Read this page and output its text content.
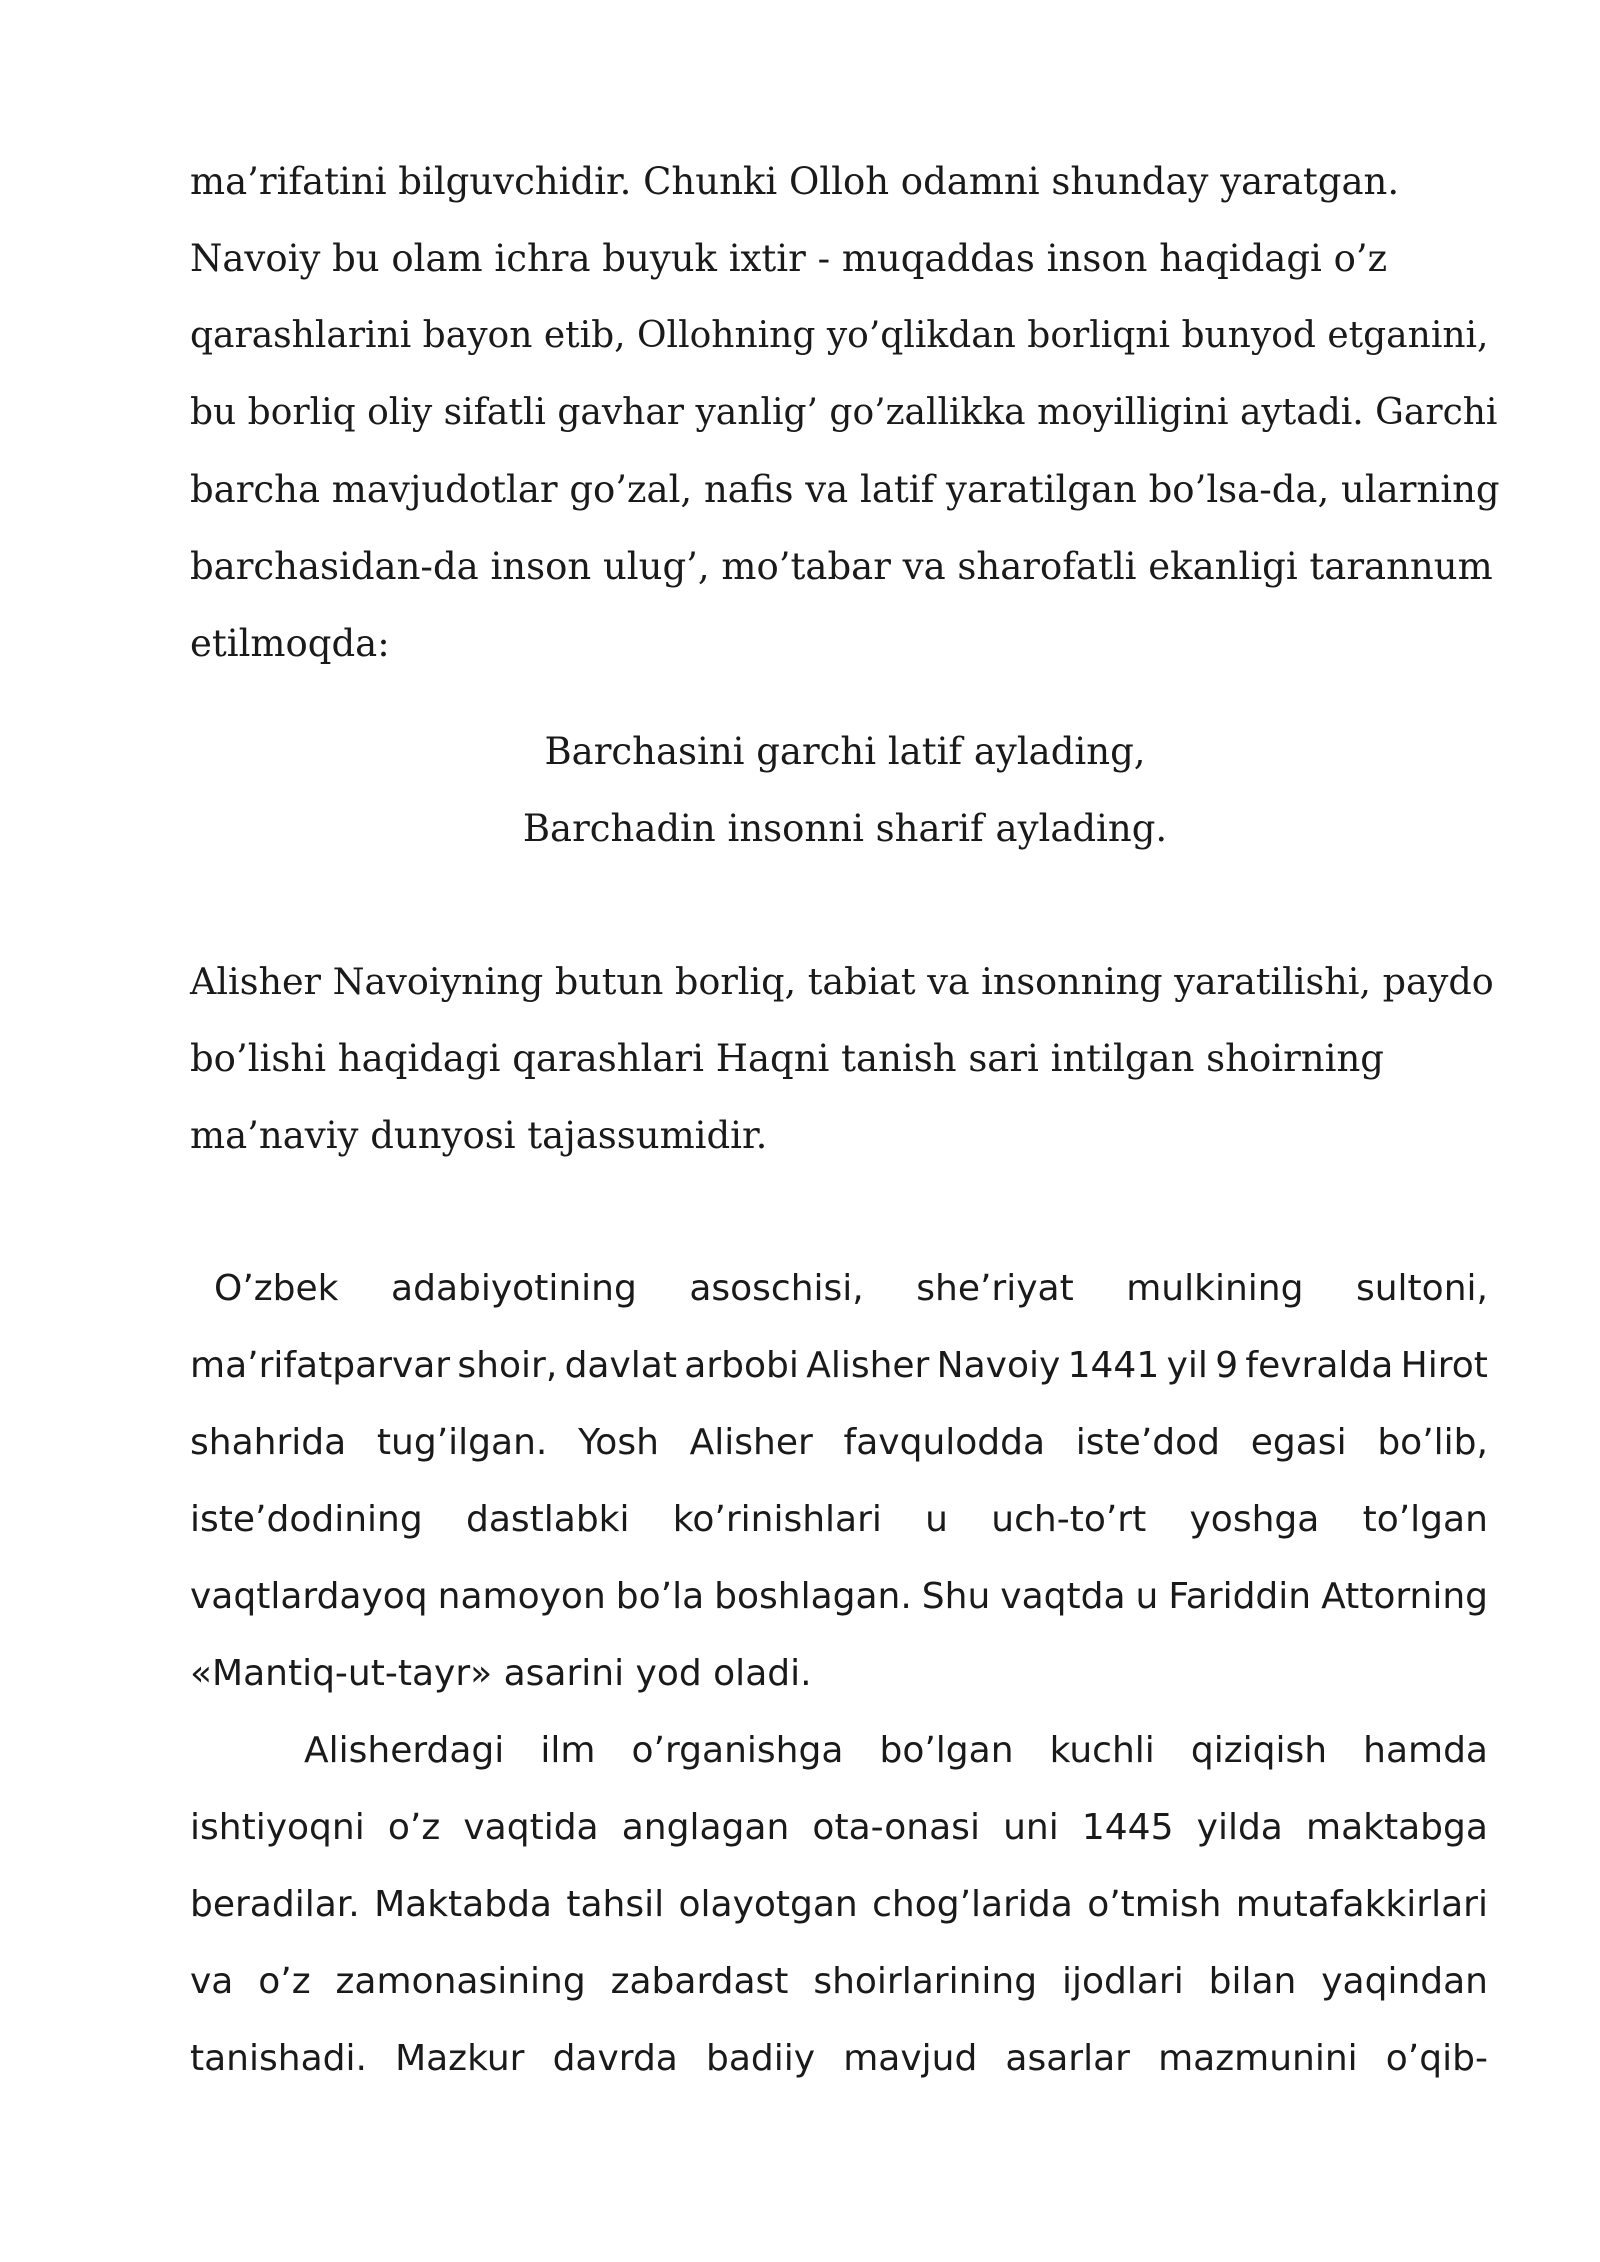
ma’rifatini bilguvchidir. Chunki Olloh odamni shunday yaratgan.
Navoiy bu olam ichra buyuk ixtir - muqaddas inson haqidagi o’z
qarashlarini bayon etib, Ollohning yo’qlikdan borliqni bunyod etganini,
bu borliq oliy sifatli gavhar yanlig’ go’zallikka moyilligini aytadi. Garchi
barcha mavjudotlar go’zal, nafis va latif yaratilgan bo’lsa-da, ularning
barchasidan-da inson ulug’, mo’tabar va sharofatli ekanligi tarannum
etilmoqda:
Barchasini garchi latif aylading,
Barchadin insonni sharif aylading.
Alisher Navoiyning butun borliq, tabiat va insonning yaratilishi, paydo
bo’lishi haqidagi qarashlari Haqni tanish sari intilgan shoirning
ma’naviy dunyosi tajassumidir.
O’zbek adabiyotining asoschisi, she’riyat mulkining sultoni,
ma’rifatparvar shoir, davlat arbobi Alisher Navoiy 1441 yil 9 fevralda Hirot
shahrida tug’ilgan. Yosh Alisher favqulodda iste’dod egasi bo’lib,
iste’dodining dastlabki ko’rinishlari u uch-to’rt yoshga to’lgan
vaqtlardayoq namoyon bo’la boshlagan. Shu vaqtda u Fariddin Attorning
«Mantiq-ut-tayr» asarini yod oladi.
Alisherdagi ilm o’rganishga bo’lgan kuchli qiziqish hamda
ishtiyoqni o’z vaqtida anglagan ota-onasi uni 1445 yilda maktabga
beradilar. Maktabda tahsil olayotgan chog’larida o’tmish mutafakkirlari
va o’z zamonasining zabardast shoirlarining ijodlari bilan yaqindan
tanishadi. Mazkur davrda badiiy mavjud asarlar mazmunini o’qib-
